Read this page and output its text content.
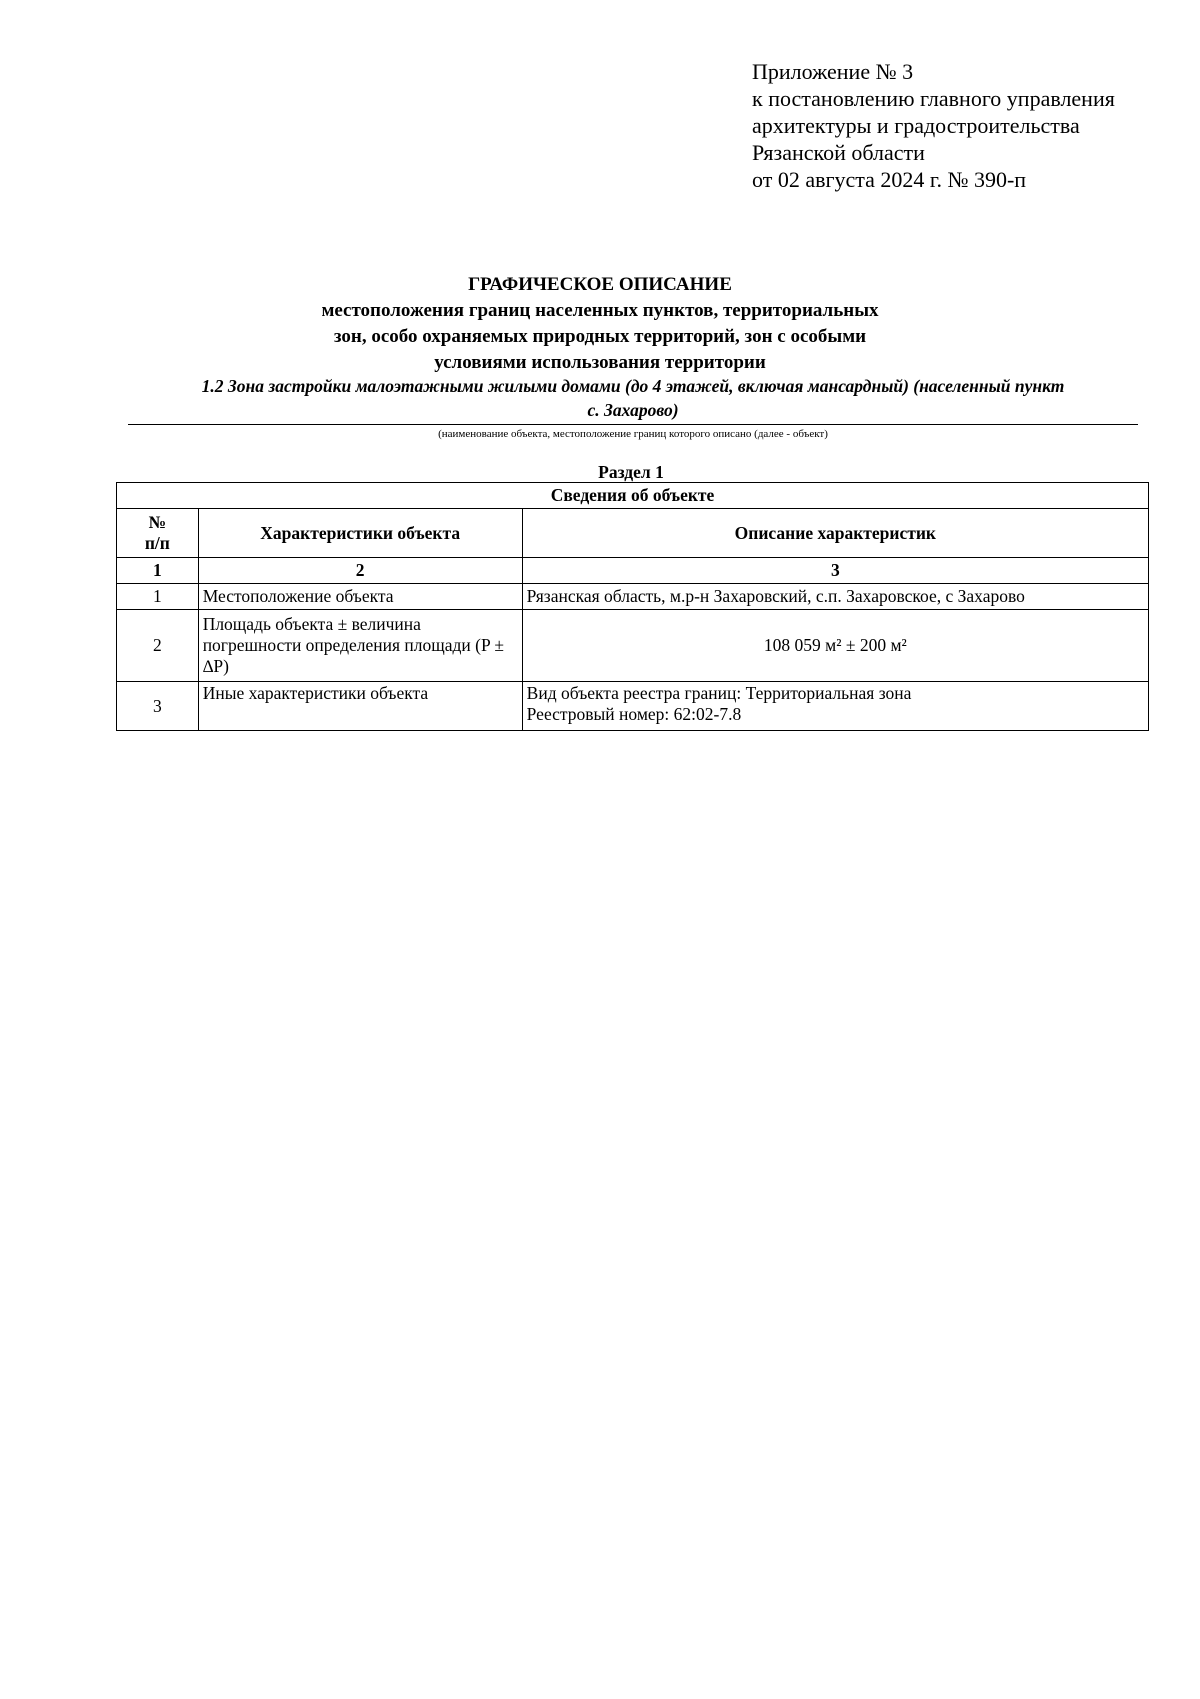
Приложение № 3
к постановлению главного управления
архитектуры и градостроительства
Рязанской области
от 02 августа 2024 г. № 390-п
ГРАФИЧЕСКОЕ ОПИСАНИЕ
местоположения границ населенных пунктов, территориальных
зон, особо охраняемых природных территорий, зон с особыми
условиями использования территории
1.2 Зона застройки малоэтажными жилыми домами (до 4 этажей, включая мансардный) (населенный пункт
с. Захарово)
(наименование объекта, местоположение границ которого описано (далее - объект)
Раздел 1
Сведения об объекте		
№
п/п	Характеристики объекта	Описание характеристик
1	2	3
1	Местоположение объекта	Рязанская область, м.р-н Захаровский, с.п. Захаровское, с Захарово
2	Площадь объекта ± величина погрешности определения площади (P ± ∆P)	108 059 м² ± 200 м²
3	Иные характеристики объекта	Вид объекта реестра границ: Территориальная зона
Реестровый номер: 62:02-7.8
